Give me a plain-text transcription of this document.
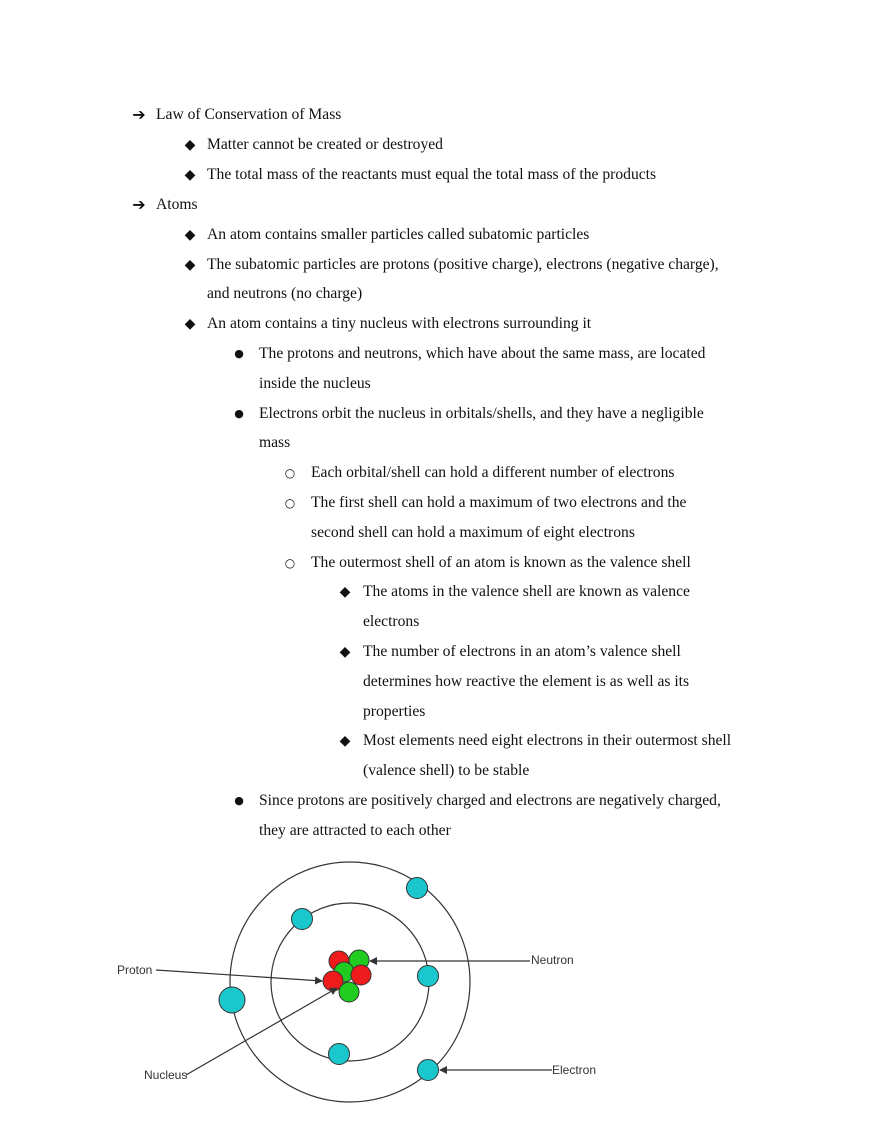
➔ Law of Conservation of Mass
◆ Matter cannot be created or destroyed
◆ The total mass of the reactants must equal the total mass of the products
➔ Atoms
◆ An atom contains smaller particles called subatomic particles
◆ The subatomic particles are protons (positive charge), electrons (negative charge),
and neutrons (no charge)
◆ An atom contains a tiny nucleus with electrons surrounding it
● The protons and neutrons, which have about the same mass, are located
inside the nucleus
● Electrons orbit the nucleus in orbitals/shells, and they have a negligible
mass
○	Each orbital/shell can hold a different number of electrons
○	The first shell can hold a maximum of two electrons and the
second shell can hold a maximum of eight electrons
○	The outermost shell of an atom is known as the valence shell
◆ The atoms in the valence shell are known as valence
electrons
◆ The number of electrons in an atom’s valence shell
determines how reactive the element is as well as its
properties
◆ Most elements need eight electrons in their outermost shell
(valence shell) to be stable
● Since protons are positively charged and electrons are negatively charged,
they are attracted to each other
Proton
Neutron
Nucleus	Electron
